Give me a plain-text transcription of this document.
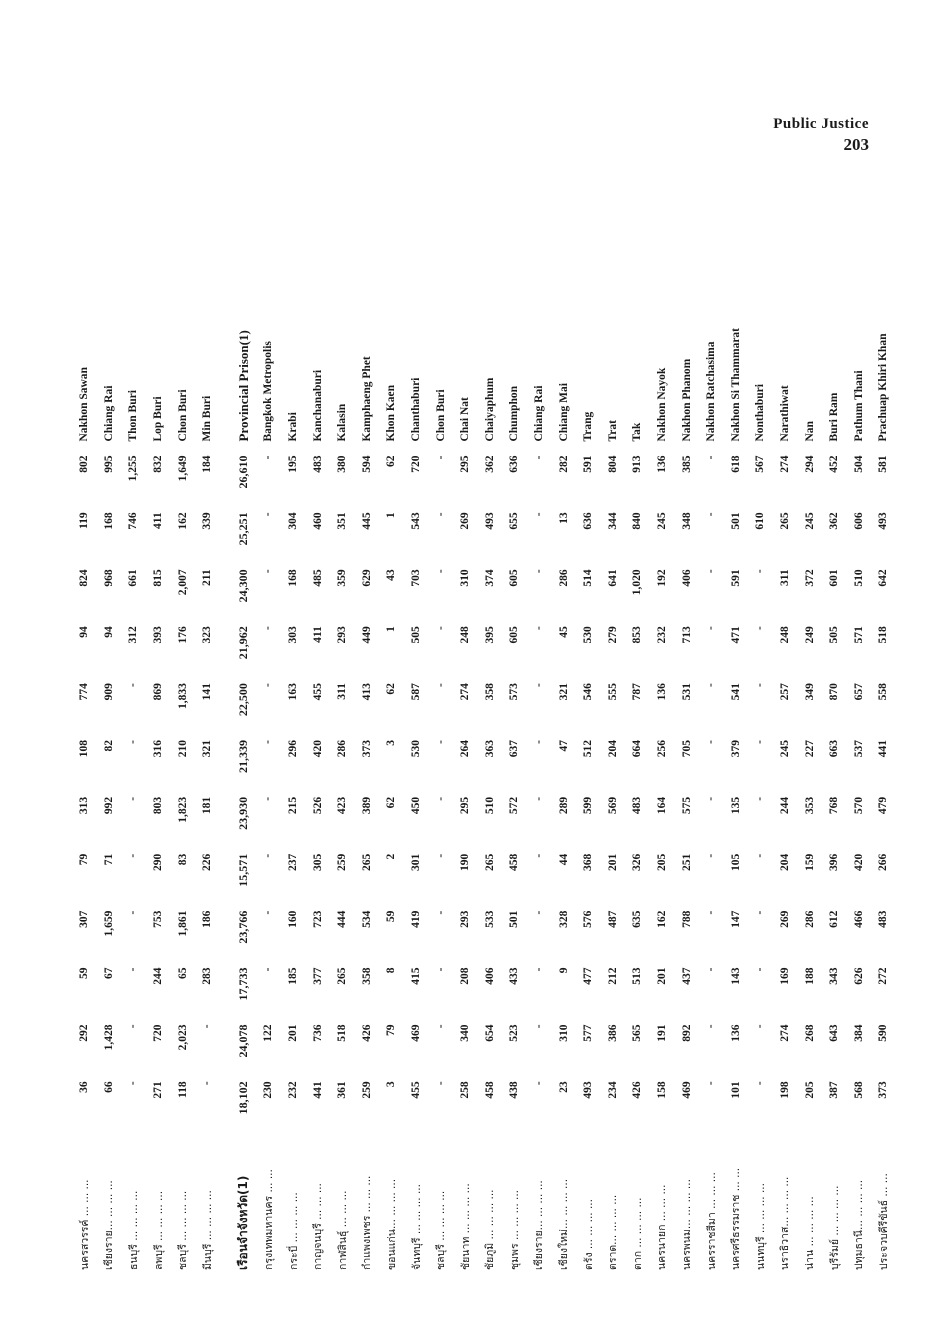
Public Justice
203
นครสวรรค์ ... ... ...	36	292	59	307	79	313	108	774	94	824	119	802	Nakhon Sawan
เชียงราย... ... ... ...	66	1,428	67	1,659	71	992	82	909	94	968	168	995	Chiang Rai
ธนบุรี ... ... ... ...	-	-	-	-	-	-	-	-	312	661	746	1,255	Thon Buri
ลพบุรี ... ... ... ...	271	720	244	753	290	803	316	869	393	815	411	832	Lop Buri
ชลบุรี ... ... ... ...	118	2,023	65	1,861	83	1,823	210	1,833	176	2,007	162	1,649	Chon Buri
มีนบุรี ... ... ... ...	-	-	283	186	226	181	321	141	323	211	339	184	Min Buri

เรือนจำจังหวัด(1)	18,102	24,078	17,733	23,766	15,571	23,930	21,339	22,500	21,962	24,300	25,251	26,610	Provincial Prison(1)
กรุงเทพมหานคร ... ...	230	122	-	-	-	-	-	-	-	-	-	-	Bangkok Metropolis
กระบี่ ... ... ... ...	232	201	185	160	237	215	296	163	303	168	304	195	Krabi
กาญจนบุรี ... ... ...	441	736	377	723	305	526	420	455	411	485	460	483	Kanchanaburi
กาฬสินธุ์ ... ... ...	361	518	265	444	259	423	286	311	293	359	351	380	Kalasin
กำแพงเพชร ... ... ...	259	426	358	534	265	389	373	413	449	629	445	594	Kamphaeng Phet
ขอนแก่น... ... ... ...	3	79	8	59	2	62	3	62	1	43	1	62	Khon Kaen
จันทบุรี ... ... ... ...	455	469	415	419	301	450	530	587	505	703	543	720	Chanthaburi
ชลบุรี ... ... ... ...	-	-	-	-	-	-	-	-	-	-	-	-	Chon Buri
ชัยนาท ... ... ... ...	258	340	208	293	190	295	264	274	248	310	269	295	Chai Nat
ชัยภูมิ ... ... ... ...	458	654	406	533	265	510	363	358	395	374	493	362	Chaiyaphum
ชุมพร ... ... ... ...	438	523	433	501	458	572	637	573	605	605	655	636	Chumphon
เชียงราย... ... ... ...	-	-	-	-	-	-	-	-	-	-	-	-	Chiang Rai
เชียงใหม่... ... ... ...	23	310	9	328	44	289	47	321	45	286	13	282	Chiang Mai
ตรัง ... ... ... ...	493	577	477	576	368	599	512	546	530	514	636	591	Trang
ตราด... ... ... ...	234	386	212	487	201	569	204	555	279	641	344	804	Trat
ตาก ... ... ... ...	426	565	513	635	326	483	664	787	853	1,020	840	913	Tak
นครนายก ... ... ...	158	191	201	162	205	164	256	136	232	192	245	136	Nakhon Nayok
นครพนม... ... ... ...	469	892	437	788	251	575	705	531	713	406	348	385	Nakhon Phanom
นครราชสีมา ... ... ...	-	-	-	-	-	-	-	-	-	-	-	-	Nakhon Ratchasima
นครศรีธรรมราช ... ...	101	136	143	147	105	135	379	541	471	591	501	618	Nakhon Si Thammarat
นนทบุรี ... ... ... ...	-	-	-	-	-	-	-	-	-	-	610	567	Nonthaburi
นราธิวาส... ... ... ...	198	274	169	269	204	244	245	257	248	311	265	274	Narathiwat
น่าน ... ... ... ...	205	268	188	286	159	353	227	349	249	372	245	294	Nan
บุรีรัมย์ ... ... ... ...	387	643	343	612	396	768	663	870	505	601	362	452	Buri Ram
ปทุมธานี... ... ... ...	568	384	626	466	420	570	537	657	571	510	606	504	Pathum Thani
ประจวบคีรีขันธ์ ... ...	373	590	272	483	266	479	441	558	518	642	493	581	Prachuap Khiri Khan
